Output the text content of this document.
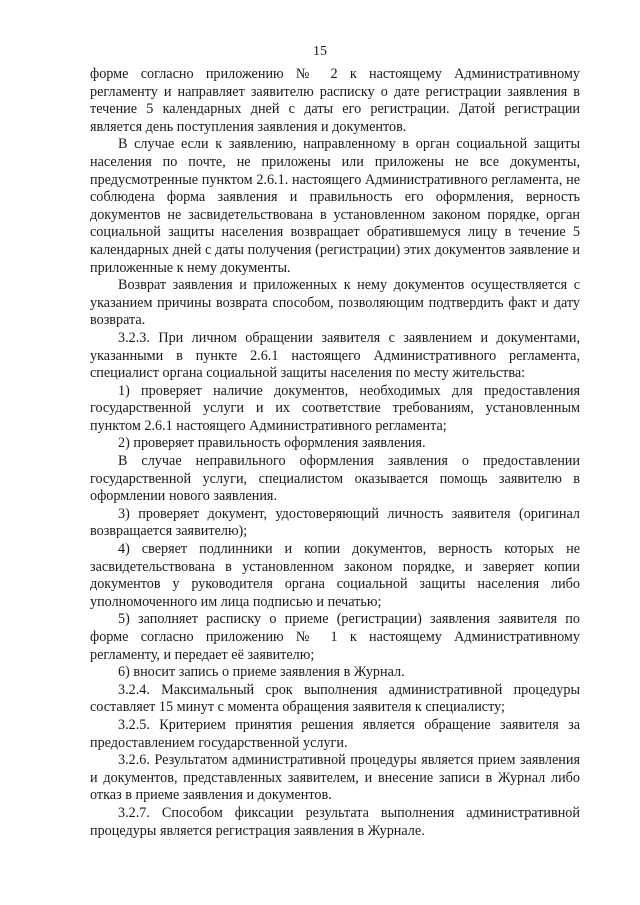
15

форме согласно приложению № 2 к настоящему Административному регламенту и направляет заявителю расписку о дате регистрации заявления в течение 5 календарных дней с даты его регистрации. Датой регистрации является день поступления заявления и документов.

В случае если к заявлению, направленному в орган социальной защиты населения по почте, не приложены или приложены не все документы, предусмотренные пунктом 2.6.1. настоящего Административного регламента, не соблюдена форма заявления и правильность его оформления, верность документов не засвидетельствована в установленном законом порядке, орган социальной защиты населения возвращает обратившемуся лицу в течение 5 календарных дней с даты получения (регистрации) этих документов заявление и приложенные к нему документы.

Возврат заявления и приложенных к нему документов осуществляется с указанием причины возврата способом, позволяющим подтвердить факт и дату возврата.

3.2.3. При личном обращении заявителя с заявлением и документами, указанными в пункте 2.6.1 настоящего Административного регламента, специалист органа социальной защиты населения по месту жительства:

1) проверяет наличие документов, необходимых для предоставления государственной услуги и их соответствие требованиям, установленным пунктом 2.6.1 настоящего Административного регламента;

2) проверяет правильность оформления заявления.

В случае неправильного оформления заявления о предоставлении государственной услуги, специалистом оказывается помощь заявителю в оформлении нового заявления.

3) проверяет документ, удостоверяющий личность заявителя (оригинал возвращается заявителю);

4) сверяет подлинники и копии документов, верность которых не засвидетельствована в установленном законом порядке, и заверяет копии документов у руководителя органа социальной защиты населения либо уполномоченного им лица подписью и печатью;

5) заполняет расписку о приеме (регистрации) заявления заявителя по форме согласно приложению № 1 к настоящему Административному регламенту, и передает её заявителю;

6) вносит запись о приеме заявления в Журнал.

3.2.4. Максимальный срок выполнения административной процедуры составляет 15 минут с момента обращения заявителя к специалисту;

3.2.5. Критерием принятия решения является обращение заявителя за предоставлением государственной услуги.

3.2.6. Результатом административной процедуры является прием заявления и документов, представленных заявителем, и внесение записи в Журнал либо отказ в приеме заявления и документов.

3.2.7. Способом фиксации результата выполнения административной процедуры является регистрация заявления в Журнале.
